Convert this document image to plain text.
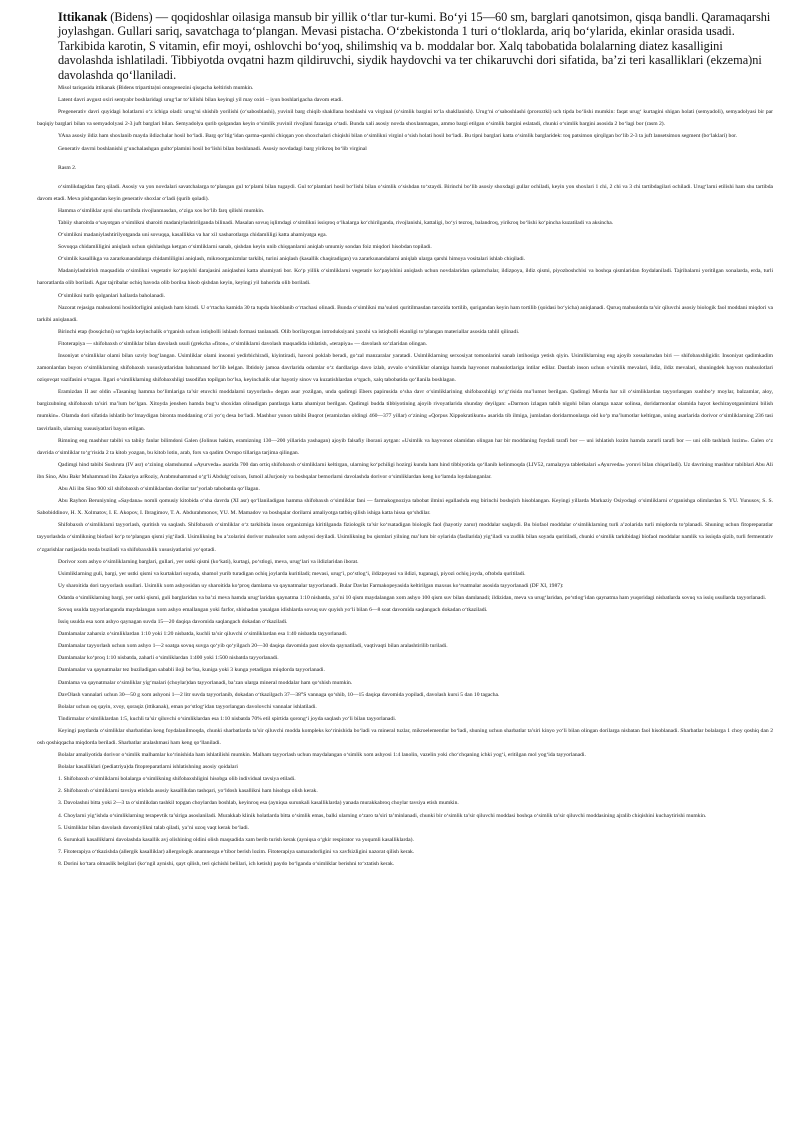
Ittikanak (Bidens) — qoqidoshlar oilasiga mansub bir yillik o‘tlar tur-kumi. Bo‘yi 15—60 sm, barglari qanotsimon, qisqa bandli. Qaramaqarshi joylashgan. Gullari sariq, savatchaga to‘plangan. Mevasi pistacha. O‘zbekistonda 1 turi o‘tloklarda, ariq bo‘ylarida, ekinlar orasida usadi. Tarkibida karotin, S vitamin, efir moyi, oshlovchi bo‘yoq, shilimshiq va b. moddalar bor. Xalq tabobatida bolalarning diatez kasalligini davolashda ishlatiladi. Tibbiyotda ovqatni hazm qildiruvchi, siydik haydovchi va ter chikaruvchi dori sifatida, ba’zi teri kasalliklari (ekzema)ni davolashda qo‘llaniladi.

Misol tariqasida ittikanak (Bidens tripartita)ni ontogenezini qisqacha keltirish mumkin.

Latent davri avgust oxiri sentyabr boshlaridagi urug‘lar to‘kilishi bilan keyingi yil may oxiri – iyun boshlarigacha davom etadi.

Pregenerativ davri quyidagi holatlarni o‘z ichiga oladi: urug‘ni shishib yorilishi (o‘sabosblashi), yuvinil barg chiqib shakllana boshlashi va virginal (o‘simlik bargini to‘la shakllanish). Urug‘ni o‘saboshlashi (proroztki) uch tipda bo‘lishi mumkin: faqat urug‘ kurtagini shigan holati (semyadoli), semyadolyasi bir par baqiqiy barglari bilan va semyadolyasi 2-3 juft barglari bilan. Semyadolya qurib qolgandan keyin o‘simlik yuvinil rivojlani fazasiga o‘tadi. Bunda xali asosiy novda shoxlanmagan, ammo bargi etilgan o‘simlik bargini eslatadi, chunki o‘simlik bargini asosida 2 bo‘lagi bor (rasm 2).

YAna asosiy ildiz ham shoxlanib mayda ildizchalar hosil bo‘ladi. Barg qo‘ltig‘idan qarma-qarshi chiqqan yon shoxchalari chiqishi bilan o‘simlikni virginl o‘sish holati hosil bo‘ladi. Bu tipni barglari katta o‘simlik barglaridek: toq patsimon qirqilgan bo‘lib 2-3 ta juft lansetsimon segment (bo‘laklari) bor.

Generativ davrni boshlanishi g‘unchalashgan gulto‘plamini hosil bo‘lishi bilan boshlanadi. Asosiy novdadagi barg yirikroq bo‘lib virginal

Rasm 2.

o‘simlikdagidan farq qiladi. Asosiy va yon novdalari savatchalarga to‘plangan gul to‘plami bilan tugaydi. Gul to‘plamlari hosil bo‘lishi bilan o‘simlik o‘sishdan to‘xtaydi. Birinchi bo‘lib asosiy shoxdagi gullar ochiladi, keyin yon shoxlari 1 chi, 2 chi va 3 chi tartibdagilari ochiladi. Urug‘larni etilishi ham shu tartibda davom etadi. Meva pishgandan keyin generativ shoxlar o‘ladi (qurib qoladi).

Hamma o‘simliklar ayni shu tartibda rivojlanmasdan, o‘ziga xos bo‘lib farq qilishi mumkin.

Tabiiy sharoitda o‘sayotgan o‘simlikni sharoiti madaniylashtirilganda bilinadi. Masalan sovuq iqlimdagi o‘simlikni issiqroq o‘lkalarga ko‘chirilganda, rivojlanishi, kattaligi, bo‘yi tezroq, balandroq, yirikroq bo‘lishi ko‘pincha kuzatiladi va aksincha.

O‘simlikni madaniylashtirilyotganda uni sovuqqa, kasallikka va har xil xasharotlarga chidamliligi katta ahamiyatga ega.

Sovuqqa chidamliligini aniqlash uchun qishlashga ketgan o‘simliklarni sanab, qishdan keyin unib chiqqanlarni aniqlab umumiy sondan foiz miqdori hisobdan topiladi.

O‘simlik kasallikga va zararkunandalarga chidamliligini aniqlash, mikroorganizmlar tarkibi, turini aniqlash (kasallik chaqiradigan) va zararkunandalarni aniqlab ularga qarshi himoya vositalari ishlab chiqiladi.

Madaniylashtirish maqsadida o‘simlikni vegetativ ko‘payishi darajasini aniqlashni katta ahamiyati bor. Ko‘p yillik o‘simliklarni vegetativ ko‘payishini aniqlash uchun novdalaridan qalamchalar, ildizpoya, ildiz qismi, piyozboshchisi va boshqa qismlaridan foydalaniladi. Tajribalarni yoritilgan xonalarda, erda, turli haroratlarda olib boriladi. Agar tajribalar ochiq havoda olib borilsa hisob qishdan keyin, keyingi yil bahorida olib boriladi.

O‘simlikni turib qolganlari hallarda baholanadi.

Nazorat rejasiga mahsulotni hosildorligini aniqlash ham kiradi. U o‘rtacha kamida 30 ta tupda hisoblanib o‘rtachasi olinadi. Bunda o‘simlikni ma’suloti quritilmasdan tarozida tortilib, qurigandan keyin ham tortilib (qoidasi bo‘yicha) aniqlanadi. Quruq mahsulotda ta’sir qiluvchi asosiy biologik faol moddani miqdori va tarkibi aniqlanadi.

Birinchi etap (bosqichni) so‘ngida keyinchalik o‘rganish uchun istiqbolli ishlash formasi tanlanadi. Olib borilayotgan introduksiyani yaxshi va istiqbolli ekanligi to‘plangan materiallar asosida tahlil qilinadi.

Fitoterapiya — shifobaxsh o‘simliklar bilan davolash usuli (grekcha «fiton», o‘simliklarni davolash maqsadida ishlatish, «terapiya» — davolash so‘zlaridan olingan.

Insoniyat o‘simliklar olami bilan uzviy bog‘langan. Usimliklar olami insonni yedirbichiradi, kiyintiradi, havoni poklab beradi, go‘zal manzaralar yaratadi. Usimliklarning serxosiyat tomonlarini sanab intihosiga yetish qiyin. Usimliklarning eng ajoyib xossalarudan biri — shifobaxshligidir. Insoniyat qadimkadim zamonlardan buyon o‘simliklarning shifobaxsh xususiyatlaridan bahramand bo‘lib kelgan. Ibtidoiy jamoa davrlarida odamlar o‘z dardlariga davo izlab, avvalo o‘simliklar olamiga hamda hayvonot mahsulotlariga intilar edilar. Dastlab inson uchun o‘simlik mevalari, ildiz, ildiz mevalari, shuningdek hayvon mahsulotlari oziqovqat vazifasini o‘tagan. Ilgari o‘simliklarning shifobaxshligi tasodifan topilgan bo‘lsa, keyinchalik ular hayotiy sinov va kuzatishlardan o‘tgach, xalq tabobatida qo‘llanila boshlagan.

Eramizdan II asr oldin «Tasaning hamma bo‘limlariga ta’sir etuvchi moddalarni tayyorlash» degan asar yozilgan, unda qadimgi Ebers papirusida o‘sha davr o‘simliklarining shifobaxshligi to‘g‘risida ma’lumot berilgan. Qadimgi Misrda har xil o‘simliklardan tayyorlangan xushbo‘y moylar, balzamlar, aloy, bargizubning shifobaxsh ta’siri ma’lum bo‘lgan. Xitoyda jenshen hamda bug‘u shoxidan olinadigan pantlarga katta ahamiyat berilgan. Qadimgi budda tibbiyotining ajoyib rivoyatlarida shunday deyilgan: «Darmon izlagan tabib nigohi bilan olamga nazar solinsa, doridarmonlar olamida hayot kechirayotganimizni bilish mumkin». Olamda dori sifatida ishlatib bo‘lmaydigan bironta moddaning o‘zi yo‘q desa bo‘ladi. Mashhur yunon tabibi Buqrot (eramizdan oldingi 460—377 yillar) o‘zining «Qorpus Xippokratikum» asarida tib ilmiga, jumladan doridarmonlarga oid ko‘p ma’lumotlar keltirgan, uning asarlarida dorivor o‘simliklarning 236 tasi tasvirlanib, ularning xususiyatlari bayon etilgan.

Rimning eng mashhur tabibi va tabiiy fanlar bilimdoni Galen (Jolinus hakim, eramizning 130—200 yillarida yashagan) ajoyib falsafiy iborani aytgan: «Usimlik va hayvonot olamidan olingan har bir moddaning foydali tarafi bor — uni ishlatish lozim hamda zararli tarafi bor — uni olib tashlash lozim». Galen o‘z davrida o‘simliklar to‘g‘risida 2 ta kitob yozgan, bu kitob lotin, arab, fors va qadim Ovrupo tillariga tarjima qilingan.

Qadimgi hind tabibi Sushruta (IV asr) o‘zining olamshumul «Ayurveda» asarida 700 dan ortiq shifobaxsh o‘simliklarni keltirgan, ularning ko‘pchiligi hozirgi kunda ham hind tibbiyotida qo‘llanib kelinmoqda (LIV52, ramalayya tabletkalari «Ayurveda» yoruvi bilan chiqariladi). Uz davrining mashhur tabiblari Abu Ali ibn Sino, Abu Bakr Muhammad ibn Zakariya arRoziy, Arabmuhammad o‘g‘li Abdulg‘ozixon, Ismoil alJurjoniy va boshqalar bemorlarni davolashda dorivor o‘simliklardan keng ko‘lamda loydalanganlar.

Abu Ali ibn Sino 900 xil shifobaxsh o‘simliklardan dorilar tar’yorlab tabobatda qo‘llagan.

Abu Rayhon Beruniyning «Saydana» nomli qomusiy kitobida o‘sha davrda (XI asr) qo‘llaniladigan hamma shifobaxsh o‘simliklar fani — farmakognoziya tabobat ilmini egallashda eng birinchi boshqich hisoblangan. Keyingi yillarda Markaziy Osiyodagi o‘simliklarni o‘rganishga olimlardan S. YU. Yunusov, S. S. Sabobiddinov, H. X. Xolmatov, I. E. Akopov, I. Ibragimov, T. A. Abdurahmonov, YU. M. Mamadov va boshqalar dorilarni amaliyotga tatbiq qilish ishiga katta hissa qo‘shdilar.

Shifobaxsh o‘simliklarni tayyorlash, quritish va saqlash. Shifobaxsh o‘simliklar o‘z tarkibida inson organizmiga kiritilganda fiziologik ta’sir ko‘rsatadigan biologik faol (hayotiy zarur) moddalar saqlaydi. Bu biofaol moddalar o‘simliklarning turli a’zolarida turli miqdorda to‘planadi. Shuning uchun fitopreparatlar tayyorlashda o‘simlikning biofaol ko‘p to‘plangan qismi yig‘iladi. Usimlikning bu a’zolarini dorivor mahsulot xom ashyosi deyiladi. Usimlikning bu qismlari yilning ma’lum bir oylarida (fasllarida) yig‘iladi va zudlik bilan soyada quritiladi, chunki o‘simlik tarkibidagi biofaol moddalar namlik va issiqda qizib, turli fermentativ o‘zgarishlar natijasida tezda buziladi va shifobaxshlik xususiyatlarini yo‘qotadi.

Dorivor xom ashyo o‘simliklarning barglari, gullari, yer ustki qismi (ko‘kati), kurtagi, po‘stlogi, meva, urug‘lari va ildizlaridan iborat.

Usimliklarning guli, bargi, yer ustki qismi va kurtaklari soyada, shamol yurib turadigan ochiq joylarda kuritiladi; mevasi, urug‘i, po‘stlog‘i, ildizpoyasi va ildizi, tuganagi, piyozi ochiq joyda, oftobda quritiladi.

Uy sharoitida dori tayyorlash usullari. Usimlik xom ashyosidan uy sharoitida ko‘proq damlama va qaynatmalar tayyorlanadi. Bular Davlat Farmakopeyasida keltirilgan maxsus ko‘rsatmalar asosida tayyorlanadi (DF XI, 1987):

Odatda o‘simliklarning bargi, yer ustki qismi, guli barglaridan va ba’zi meva hamda urug‘laridan qaynatma 1:10 nisbatda, ya’ni 10 qism maydalangan xom ashyo 100 qism suv bilan damlanadi; ildizidan, meva va urug‘laridan, po‘stlog‘idan qaynatma ham yuqoridagi nisbatlarda sovuq va issiq usullarda tayyorlanadi.

Sovuq usulda tayyorlanganda maydalangan xom ashyo emallangan yoki farfor, shishadan yasalgan idishlarda sovuq suv quyish yo‘li bilan 6—8 soat davomida saqlangach dokadan o‘tkaziladi.

Issiq usulda esa xom ashyo qaynagan suvda 15—20 daqiqa davomida saqlangach dokadan o‘tkaziladi.

Damlamalar zaharsiz o‘simliklardan 1:10 yoki 1:20 nisbatda, kuchli ta’sir qiluvchi o‘simliklardan esa 1:40 nisbatda tayyorlanadi.

Damlamalar tayyorlash uchun xom ashyo 1—2 soatga sovuq suvga qo‘yib qo‘yilgach 20—30 daqiqa davomida past olovda qaynatiladi, vaqtivaqti bilan aralashtirilib turiladi.

Damlamalar ko‘proq 1:10 nisbatda, zaharli o‘simliklardan 1:400 yoki 1:500 nisbatda tayyorlanadi.

Damlamalar va qaynatmalar tez buziladigan sababli iloji bo‘lsa, kuniga yoki 3 kunga yetadigan miqdorda tayyorlanadi.

Damlama va qaynatmalar o‘simliklar yig‘malari (choylar)dan tayyorlanadi, ba’zan ularga mineral moddalar ham qo‘shish mumkin.

DavOlash vannalari uchun 30—50 g xom ashyoni 1—2 litr suvda tayyorlanib, dokadan o‘tkazilgach 37—38°S vannaga qo‘shib, 10—15 daqiqa davomida yopiladi, davolash kursi 5 dan 10 tagacha.

Bolalar uchun oq qayin, xvoy, qoraqiz (ittikanak), eman po‘stlog‘idan tayyorlangan davolovchi vannalar ishlatiladi.

Tindirmalar o‘simliklardan 1:5, kuchli ta’sir qiluvchi o‘simliklardan esa 1:10 nisbatda 70% etil spirtida qorong‘i joyda saqlash yo‘li bilan tayyorlanadi.

Keyingi paytlarda o‘simliklar sharbatidan keng foydalanilmoqda, chunki sharbatlarda ta’sir qiluvchi modda kompleks ko‘rinishida bo‘ladi va mineral tuzlar, mikroelementlar bo‘ladi, shuning uchun sharbatlar ta’siri kinyo yo‘li bilan olingan dorilarga nisbatan faol hisoblanadi. Sharbatlar bolalarga 1 choy qoshiq dan 2 osh qoshiqqacha miqdorda beriladi. Sharbatlar aralashmasi ham keng qo‘llaniladi.

Bolalar amaliyotida dorivor o‘simlik malhamlar ko‘rinishida ham ishlatilishi mumkin. Malham tayyorlash uchun maydalangan o‘simlik xom ashyosi 1:4 lanolin, vazelin yoki cho‘chqaning ichki yog‘i, eritilgan mol yog‘ida tayyorlanadi.

Bolalar kasalliklari (pediatriya)da fitopreparatlarni ishlatishning asosiy qoidalari

1. Shifobaxsh o‘simliklarni bolalarga o‘simlikning shifobaxshligini hisobga olib individual tavsiya etiladi.

2. Shifobaxsh o‘simliklarni tavsiya etishda asosiy kasallikdan tashqari, yo‘ldosh kasallikni ham hisobga olish kerak.

3. Davolashni bitta yoki 2—3 ta o‘simlikdan tashkil topgan choylardan boshlab, keyinroq esa (ayniqsa surunkali kasalliklarda) yanada murakkabroq choylar tavsiya etish mumkin.

4. Choylarni yig‘ishda o‘simliklarning terapevtik ta’siriga asoslaniladi. Murakkab klinik holatlarda bitta o‘simlik emas, balki ularning o‘zaro ta’siri ta’minlanadi, chunki bir o‘simlik ta’sir qiluvchi moddasi boshqa o‘simlik ta’sir qiluvchi moddasining ajralib chiqishini kuchaytirishi mumkin.

5. Usimliklar bilan davolash davomiylikni talab qiladi, ya’ni uzoq vaqt kerak bo‘ladi.

6. Surunkali kasalliklarni davolashda kasallik avj olishining oldini olish maqsadida xam berib turish kerak (ayniqsa o‘gkir respirator va yuqumli kasalliklarda).

7. Fitoterapiya o‘tkazishda (allergik kasalliklar) allergologik anamnezga e’tibor berish lozim. Fitoterapiya samaradorligini va xavfsizligini nazorat qilish kerak.

8. Dorini ko‘tara olmaslik belgilari (ko‘ngil aynishi, qayt qilish, teri qichishi belilari, ich ketish) paydo bo‘lganda o‘simliklar berishni to‘xtatish kerak.
